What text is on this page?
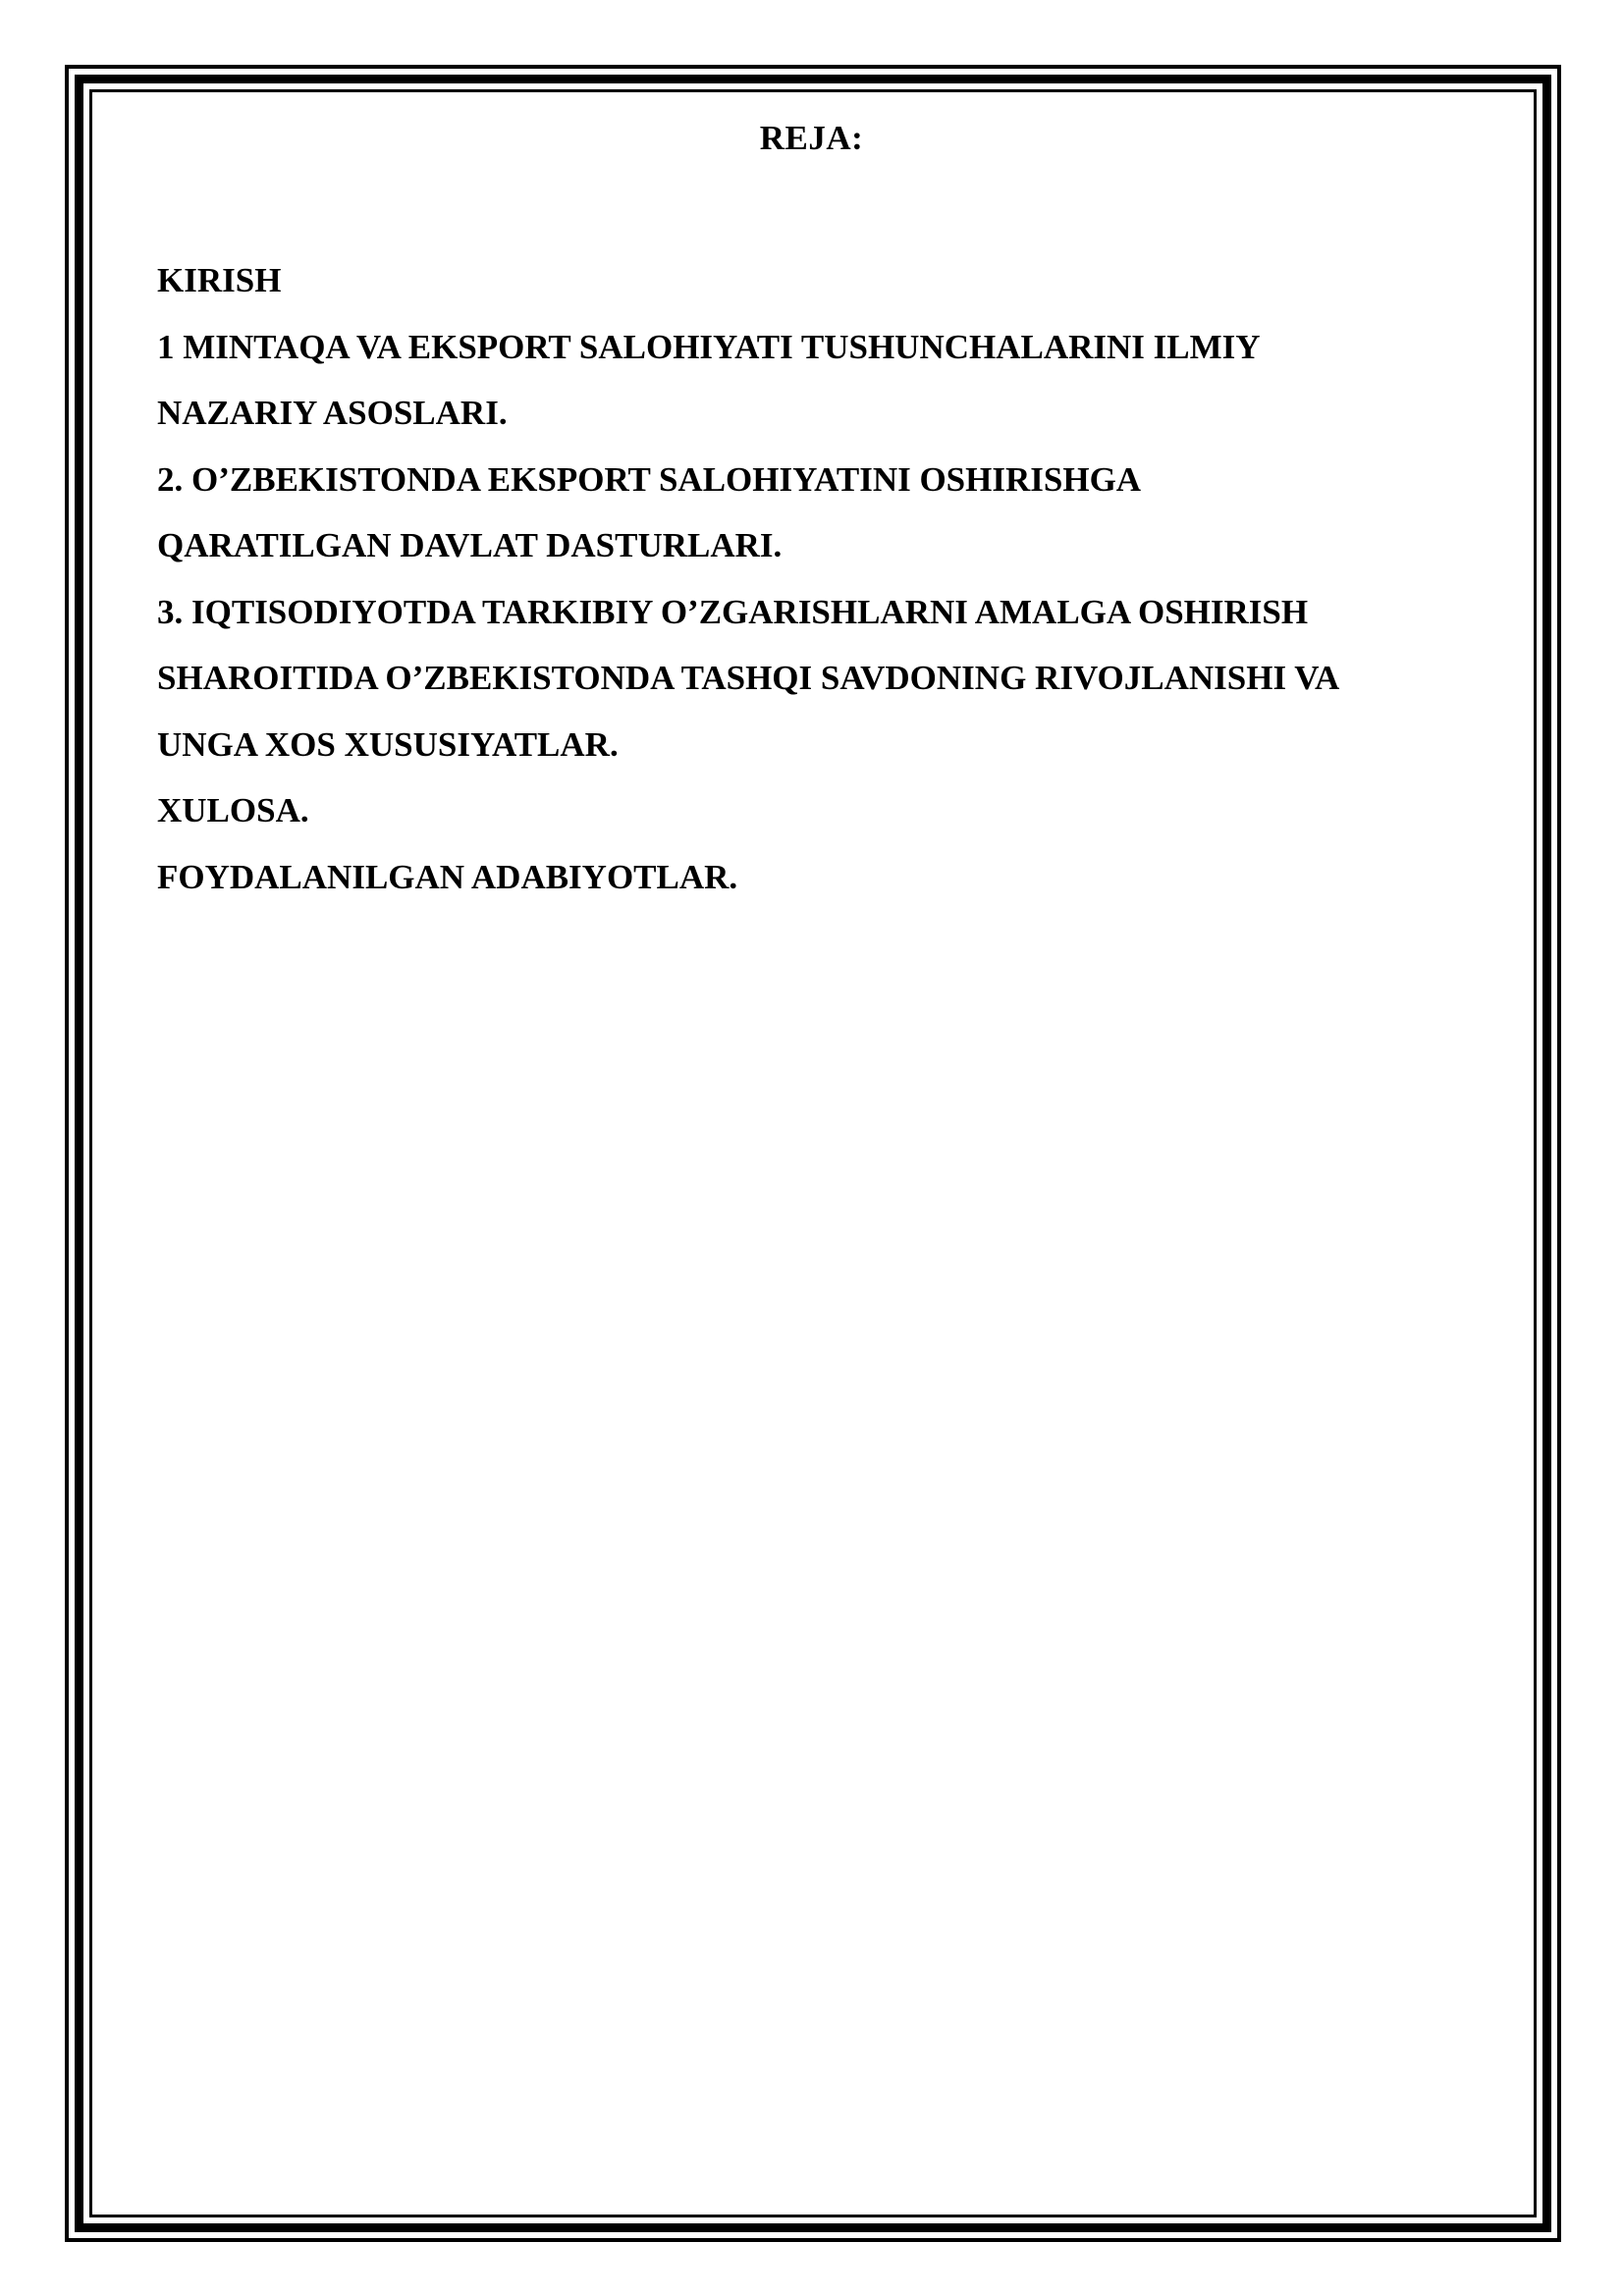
REJA:
KIRISH
1 MINTAQA VA EKSPORT SALOHIYATI TUSHUNCHALARINI ILMIY
NAZARIY ASOSLARI.
2. O’ZBEKISTONDA EKSPORT SALOHIYATINI OSHIRISHGA
QARATILGAN DAVLAT DASTURLARI.
3. IQTISODIYOTDA TARKIBIY O’ZGARISHLARNI AMALGA OSHIRISH
SHAROITIDA O’ZBEKISTONDA TASHQI SAVDONING RIVOJLANISHI VA
UNGA XOS XUSUSIYATLAR.
XULOSA.
FOYDALANILGAN ADABIYOTLAR.
